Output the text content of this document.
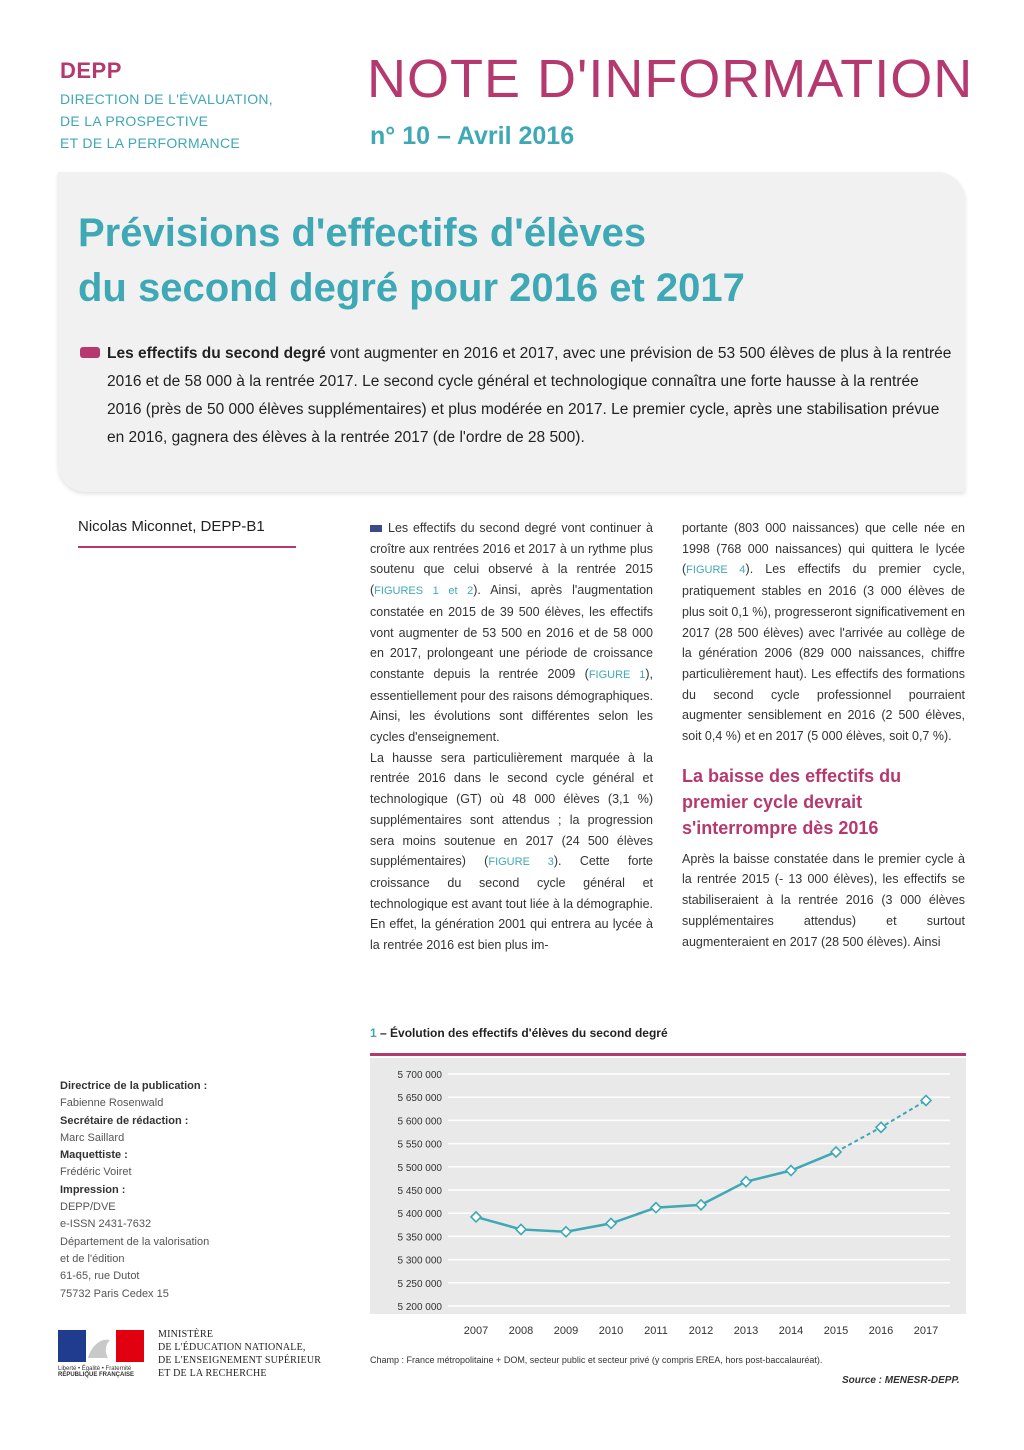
DEPP
DIRECTION DE L'ÉVALUATION,
DE LA PROSPECTIVE
ET DE LA PERFORMANCE
NOTE D'INFORMATION
n° 10 – Avril 2016
Prévisions d'effectifs d'élèves
du second degré pour 2016 et 2017
Les effectifs du second degré vont augmenter en 2016 et 2017, avec une prévision de 53 500 élèves de plus à la rentrée 2016 et de 58 000 à la rentrée 2017. Le second cycle général et technologique connaîtra une forte hausse à la rentrée 2016 (près de 50 000 élèves supplémentaires) et plus modérée en 2017. Le premier cycle, après une stabilisation prévue en 2016, gagnera des élèves à la rentrée 2017 (de l'ordre de 28 500).
Nicolas Miconnet, DEPP-B1	Les effectifs du second degré vont continuer à croître aux rentrées 2016 et 2017 à un rythme plus soutenu que celui observé à la rentrée 2015 (FIGURES 1 et 2). Ainsi, après l'augmentation constatée en 2015 de 39 500 élèves, les effectifs vont augmenter de 53 500 en 2016 et de 58 000 en 2017, prolongeant une période de croissance constante depuis la rentrée 2009 (FIGURE 1), essentiellement pour des raisons démographiques. Ainsi, les évolutions sont différentes selon les cycles d'enseignement.

La hausse sera particulièrement marquée à la rentrée 2016 dans le second cycle général et technologique (GT) où 48 000 élèves (3,1 %) supplémentaires sont attendus ; la progression sera moins soutenue en 2017 (24 500 élèves supplémentaires) (FIGURE 3). Cette forte croissance du second cycle général et technologique est avant tout liée à la démographie. En effet, la génération 2001 qui entrera au lycée à la rentrée 2016 est bien plus im-

portante (803 000 naissances) que celle née en 1998 (768 000 naissances) qui quittera le lycée (FIGURE 4). Les effectifs du premier cycle, pratiquement stables en 2016 (3 000 élèves de plus soit 0,1 %), progresseront significativement en 2017 (28 500 élèves) avec l'arrivée au collège de la génération 2006 (829 000 naissances, chiffre particulièrement haut). Les effectifs des formations du second cycle professionnel pourraient augmenter sensiblement en 2016 (2 500 élèves, soit 0,4 %) et en 2017 (5 000 élèves, soit 0,7 %).

La baisse des effectifs du premier cycle devrait s'interrompre dès 2016

Après la baisse constatée dans le premier cycle à la rentrée 2015 (- 13 000 élèves), les effectifs se stabiliseraient à la rentrée 2016 (3 000 élèves supplémentaires attendus) et surtout augmenteraient en 2017 (28 500 élèves). Ainsi

Directrice de la publication :
Fabienne Rosenwald
Secrétaire de rédaction :
Marc Saillard
Maquettiste :
Frédéric Voiret
Impression :
DEPP/DVE
e-ISSN 2431-7632
Département de la valorisation
et de l'édition
61-65, rue Dutot
75732 Paris Cedex 15
Liberté • Égalité • Fraternité
RÉPUBLIQUE FRANÇAISE
MINISTÈRE
DE L'ÉDUCATION NATIONALE,
DE L'ENSEIGNEMENT SUPÉRIEUR
ET DE LA RECHERCHE
1 – Évolution des effectifs d'élèves du second degré
5 700 000
5 650 000
5 600 000
5 550 000
5 500 000
5 450 000
5 400 000
5 350 000
5 300 000
5 250 000
5 200 000
2007 2008 2009 2010 2011 2012 2013 2014 2015 2016 2017
Champ : France métropolitaine + DOM, secteur public et secteur privé (y compris EREA, hors post-baccalauréat).
Source : MENESR-DEPP.
